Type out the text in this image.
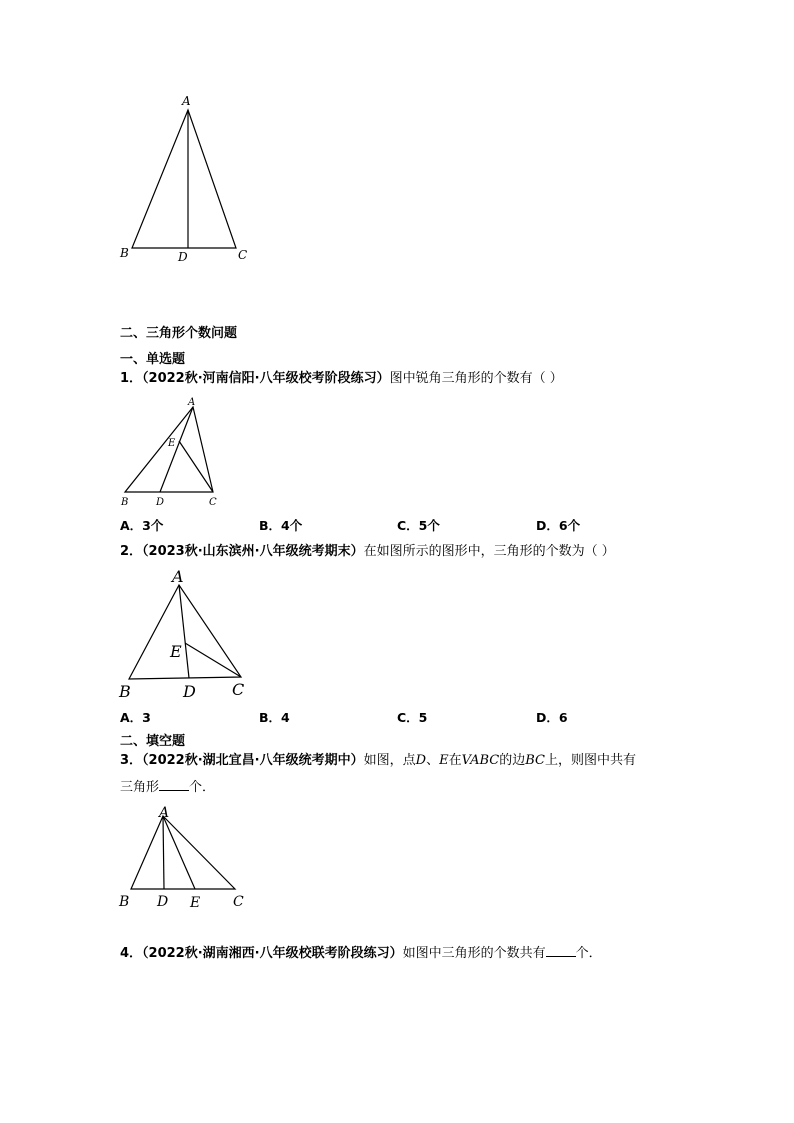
A
B	D	C
二、三角形个数问题
一、单选题
1．（2022秋·河南信阳·八年级校考阶段练习）图中锐角三角形的个数有（ ）
A
E
B	D	C
A．3个	B．4个	C．5个	D．6个
2．（2023秋·山东滨州·八年级统考期末）在如图所示的图形中，三角形的个数为（ ）
A
E
B	D C
A．3	B．4	C．5	D．6
二、填空题
3．（2022秋·湖北宜昌·八年级统考期中）如图，点D、E在VABC的边BC上，则图中共有
三角形 个．
A
B D E C
4．（2022秋·湖南湘西·八年级校联考阶段练习）如图中三角形的个数共有 个．
